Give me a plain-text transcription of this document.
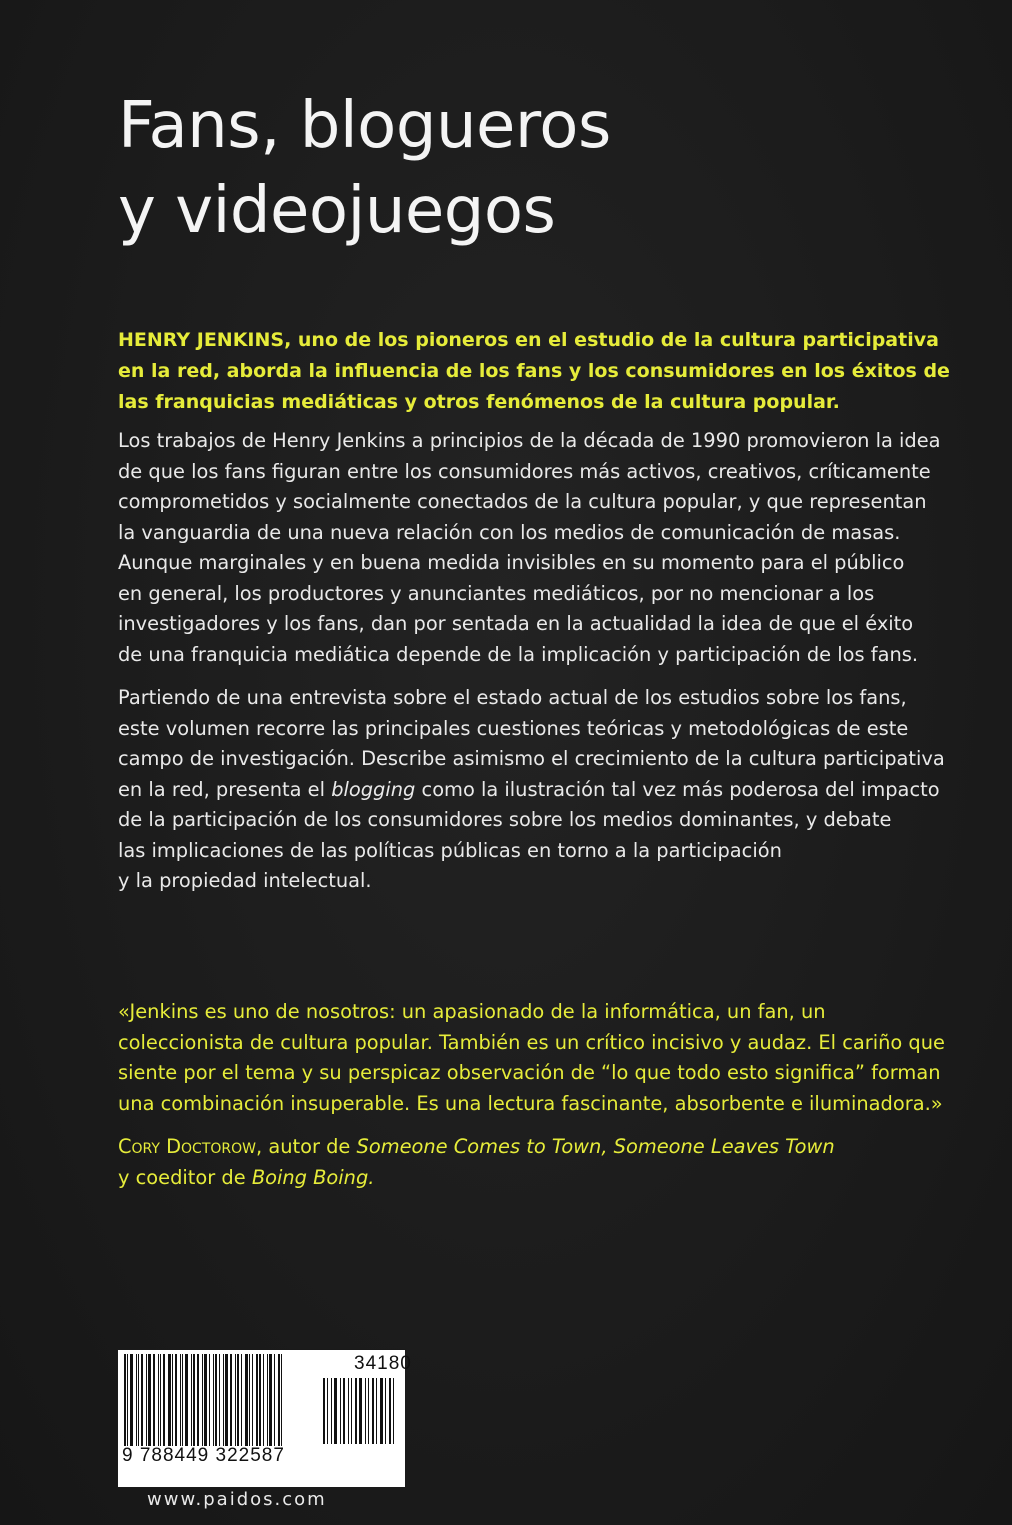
Fans, blogueros
y videojuegos
HENRY JENKINS, uno de los pioneros en el estudio de la cultura participativa
en la red, aborda la influencia de los fans y los consumidores en los éxitos de
las franquicias mediáticas y otros fenómenos de la cultura popular.
Los trabajos de Henry Jenkins a principios de la década de 1990 promovieron la idea
de que los fans figuran entre los consumidores más activos, creativos, críticamente
comprometidos y socialmente conectados de la cultura popular, y que representan
la vanguardia de una nueva relación con los medios de comunicación de masas.
Aunque marginales y en buena medida invisibles en su momento para el público
en general, los productores y anunciantes mediáticos, por no mencionar a los
investigadores y los fans, dan por sentada en la actualidad la idea de que el éxito
de una franquicia mediática depende de la implicación y participación de los fans.
Partiendo de una entrevista sobre el estado actual de los estudios sobre los fans,
este volumen recorre las principales cuestiones teóricas y metodológicas de este
campo de investigación. Describe asimismo el crecimiento de la cultura participativa
en la red, presenta el blogging como la ilustración tal vez más poderosa del impacto
de la participación de los consumidores sobre los medios dominantes, y debate
las implicaciones de las políticas públicas en torno a la participación
y la propiedad intelectual.
«Jenkins es uno de nosotros: un apasionado de la informática, un fan, un
coleccionista de cultura popular. También es un crítico incisivo y audaz. El cariño que
siente por el tema y su perspicaz observación de “lo que todo esto significa” forman
una combinación insuperable. Es una lectura fascinante, absorbente e iluminadora.»
Cory Doctorow, autor de Someone Comes to Town, Someone Leaves Town
y coeditor de Boing Boing.
34180
9 788449 322587
www.paidos.com
